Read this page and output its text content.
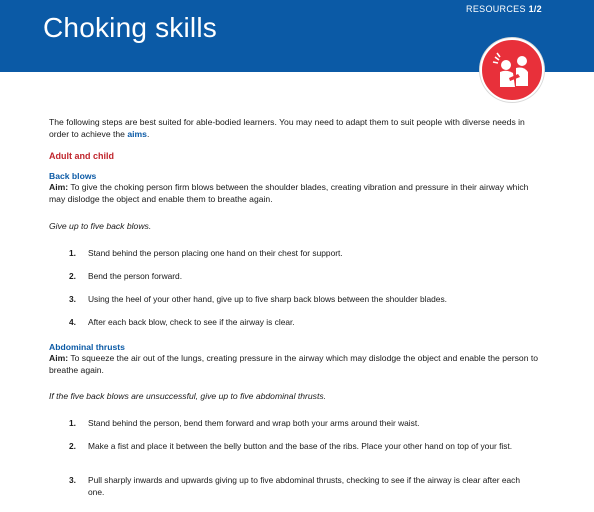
Choking skills
RESOURCES 1/2
The following steps are best suited for able-bodied learners. You may need to adapt them to suit people with diverse needs in order to achieve the aims.
Adult and child
Back blows
Aim: To give the choking person firm blows between the shoulder blades, creating vibration and pressure in their airway which may dislodge the object and enable them to breathe again.
Give up to five back blows.
1. Stand behind the person placing one hand on their chest for support.
2. Bend the person forward.
3. Using the heel of your other hand, give up to five sharp back blows between the shoulder blades.
4. After each back blow, check to see if the airway is clear.
Abdominal thrusts
Aim: To squeeze the air out of the lungs, creating pressure in the airway which may dislodge the object and enable the person to breathe again.
If the five back blows are unsuccessful, give up to five abdominal thrusts.
1. Stand behind the person, bend them forward and wrap both your arms around their waist.
2. Make a fist and place it between the belly button and the base of the ribs. Place your other hand on top of your fist.
3. Pull sharply inwards and upwards giving up to five abdominal thrusts, checking to see if the airway is clear after each one.
